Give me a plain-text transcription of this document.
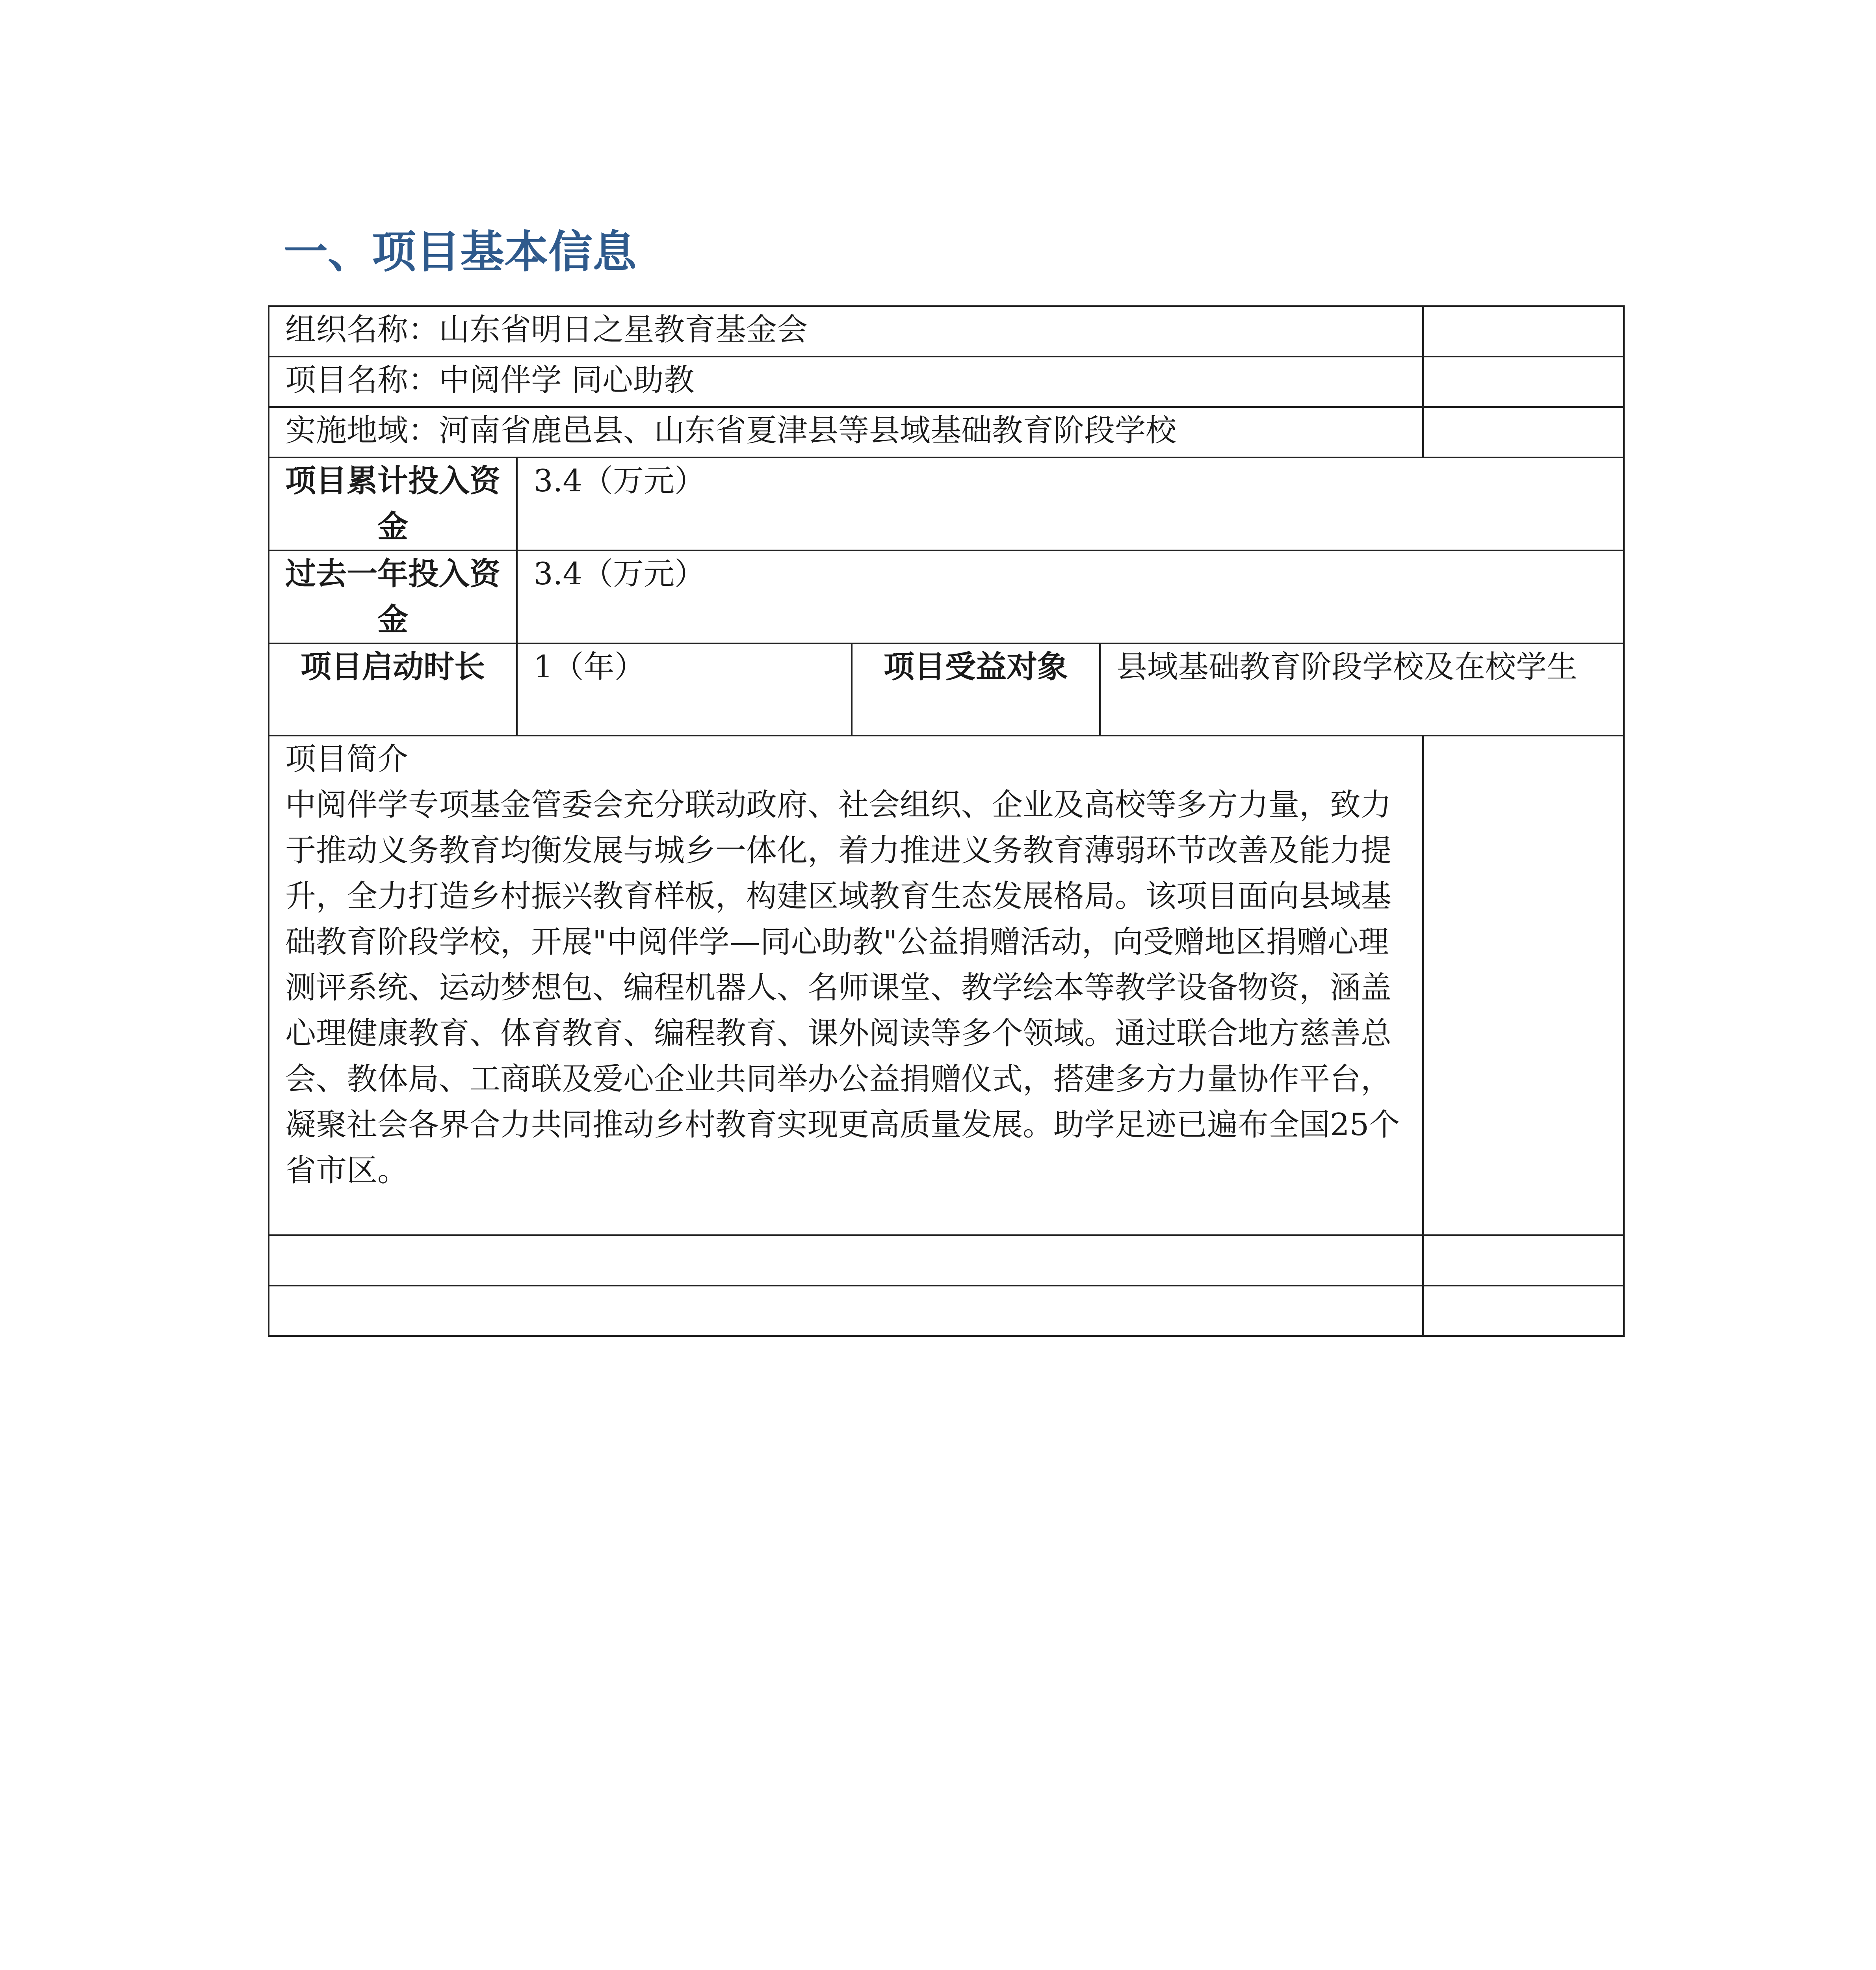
一、项目基本信息
组织名称：山东省明日之星教育基金会				
项目名称：中阅伴学 同心助教				
实施地域：河南省鹿邑县、山东省夏津县等县域基础教育阶段学校				
项目累计投入资金	3.4（万元）			
过去一年投入资金	3.4（万元）			
项目启动时长	1（年）	项目受益对象	县域基础教育阶段学校及在校学生	

项目简介
中阅伴学专项基金管委会充分联动政府、社会组织、企业及高校等多方力量，致力于推动义务教育均衡发展与城乡一体化，着力推进义务教育薄弱环节改善及能力提升，全力打造乡村振兴教育样板，构建区域教育生态发展格局。该项目面向县域基础教育阶段学校，开展"中阅伴学—同心助教"公益捐赠活动，向受赠地区捐赠心理测评系统、运动梦想包、编程机器人、名师课堂、教学绘本等教学设备物资，涵盖心理健康教育、体育教育、编程教育、课外阅读等多个领域。通过联合地方慈善总会、教体局、工商联及爱心企业共同举办公益捐赠仪式，搭建多方力量协作平台，凝聚社会各界合力共同推动乡村教育实现更高质量发展。助学足迹已遍布全国25个省市区。				
